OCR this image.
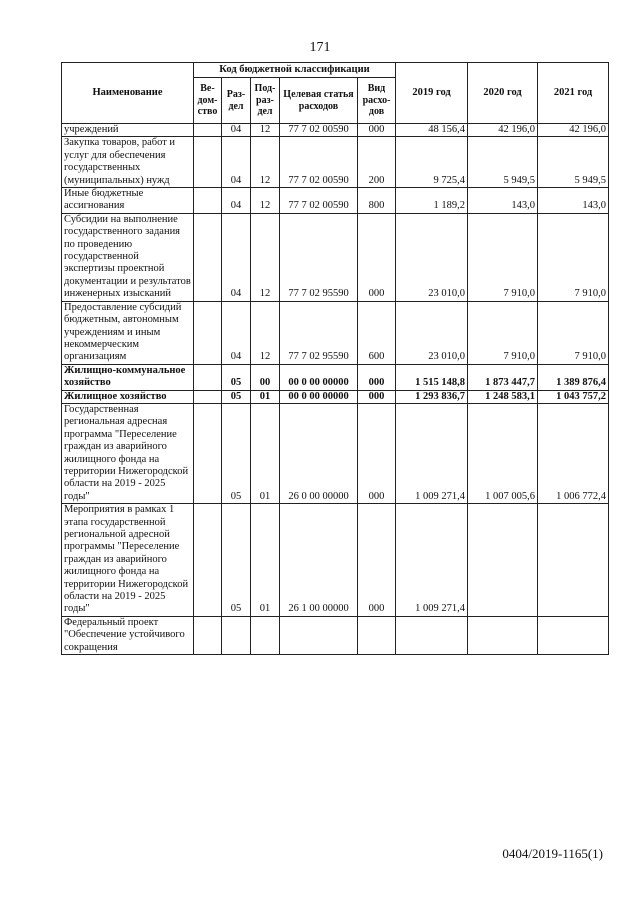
171
Наименование	Код бюджетной классификации					2019 год	2020 год	2021 год
	Ве-дом-ство	Раз-дел	Под-раз-дел	Целевая статья расходов	Вид расхо-дов			
учреждений		04	12	77 7 02 00590	000	48 156,4	42 196,0	42 196,0
Закупка товаров, работ и услуг для обеспечения государственных (муниципальных) нужд		04	12	77 7 02 00590	200	9 725,4	5 949,5	5 949,5
Иные бюджетные ассигнования		04	12	77 7 02 00590	800	1 189,2	143,0	143,0
Субсидии на выполнение государственного задания по проведению государственной экспертизы проектной документации и результатов инженерных изысканий		04	12	77 7 02 95590	000	23 010,0	7 910,0	7 910,0
Предоставление субсидий бюджетным, автономным учреждениям и иным некоммерческим организациям		04	12	77 7 02 95590	600	23 010,0	7 910,0	7 910,0
Жилищно-коммунальное хозяйство		05	00	00 0 00 00000	000	1 515 148,8	1 873 447,7	1 389 876,4
Жилищное хозяйство		05	01	00 0 00 00000	000	1 293 836,7	1 248 583,1	1 043 757,2
Государственная региональная адресная программа "Переселение граждан из аварийного жилищного фонда на территории Нижегородской области на 2019 - 2025 годы"		05	01	26 0 00 00000	000	1 009 271,4	1 007 005,6	1 006 772,4
Мероприятия в рамках 1 этапа государственной региональной адресной программы "Переселение граждан из аварийного жилищного фонда на территории Нижегородской области на 2019 - 2025 годы"		05	01	26 1 00 00000	000	1 009 271,4		
Федеральный проект "Обеспечение устойчивого сокращения								
0404/2019-1165(1)
